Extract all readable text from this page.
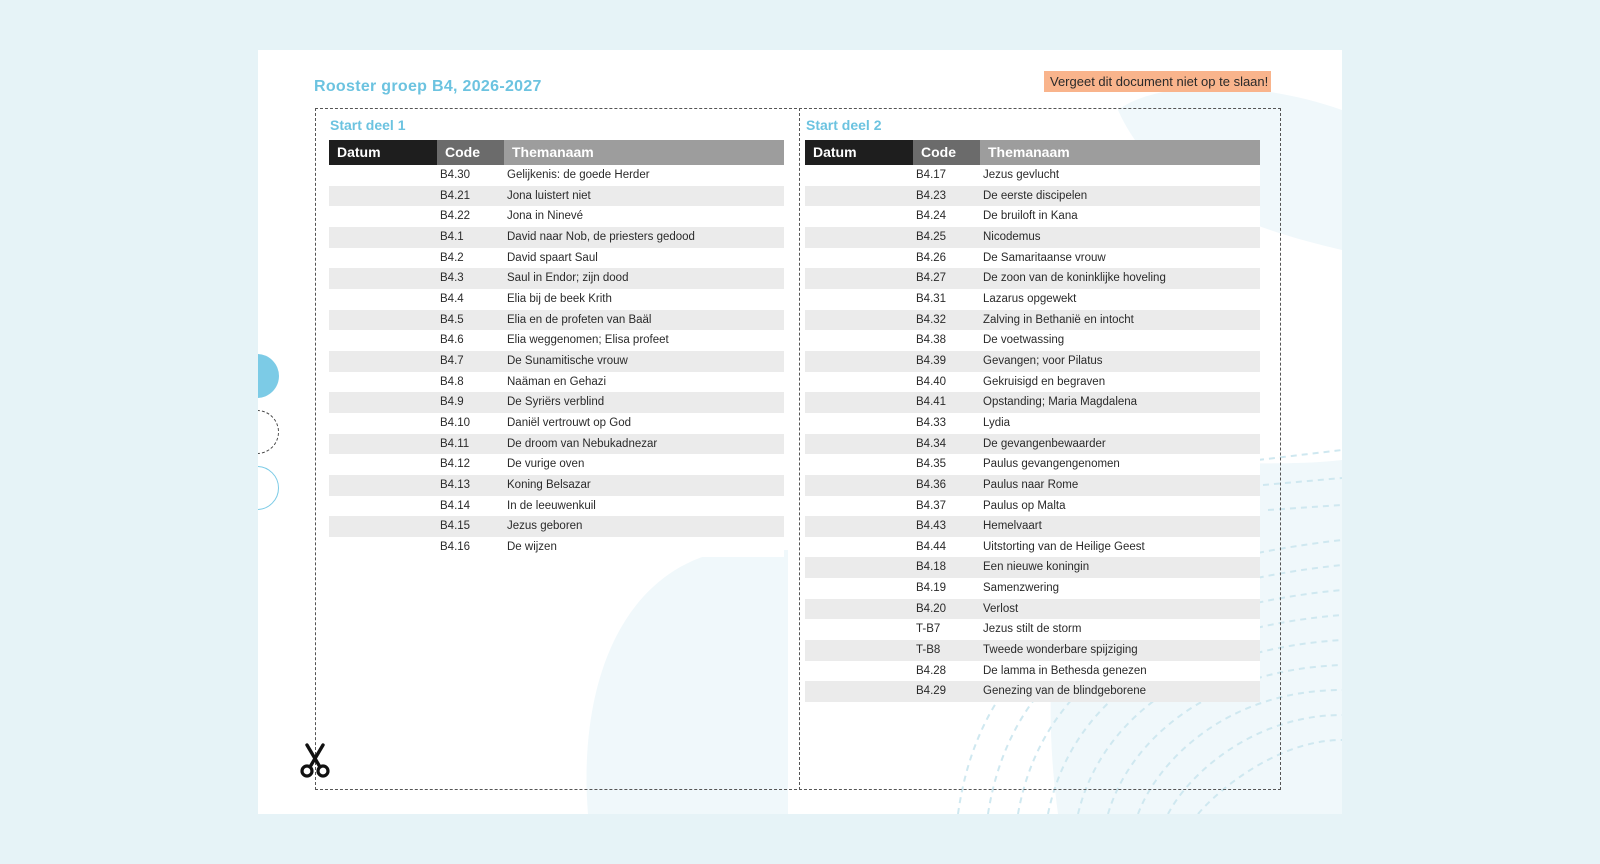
Rooster groep B4, 2026-2027	Vergeet dit document niet op te slaan!
Start deel 1
Datum	Code	Themanaam
B4.30	Gelijkenis: de goede Herder
B4.21	Jona luistert niet
B4.22	Jona in Ninevé
B4.1	David naar Nob, de priesters gedood
B4.2	David spaart Saul
B4.3	Saul in Endor; zijn dood
B4.4	Elia bij de beek Krith
B4.5	Elia en de profeten van Baäl
B4.6	Elia weggenomen; Elisa profeet
B4.7	De Sunamitische vrouw
B4.8	Naäman en Gehazi
B4.9	De Syriërs verblind
B4.10	Daniël vertrouwt op God
B4.11	De droom van Nebukadnezar
B4.12	De vurige oven
B4.13	Koning Belsazar
B4.14	In de leeuwenkuil
B4.15	Jezus geboren
B4.16	De wijzen
Start deel 2
Datum	Code	Themanaam
B4.17	Jezus gevlucht
B4.23	De eerste discipelen
B4.24	De bruiloft in Kana
B4.25	Nicodemus
B4.26	De Samaritaanse vrouw
B4.27	De zoon van de koninklijke hoveling
B4.31	Lazarus opgewekt
B4.32	Zalving in Bethanië en intocht
B4.38	De voetwassing
B4.39	Gevangen; voor Pilatus
B4.40	Gekruisigd en begraven
B4.41	Opstanding; Maria Magdalena
B4.33	Lydia
B4.34	De gevangenbewaarder
B4.35	Paulus gevangengenomen
B4.36	Paulus naar Rome
B4.37	Paulus op Malta
B4.43	Hemelvaart
B4.44	Uitstorting van de Heilige Geest
B4.18	Een nieuwe koningin
B4.19	Samenzwering
B4.20	Verlost
T-B7	Jezus stilt de storm
T-B8	Tweede wonderbare spijziging
B4.28	De lamma in Bethesda genezen
B4.29	Genezing van de blindgeborene
